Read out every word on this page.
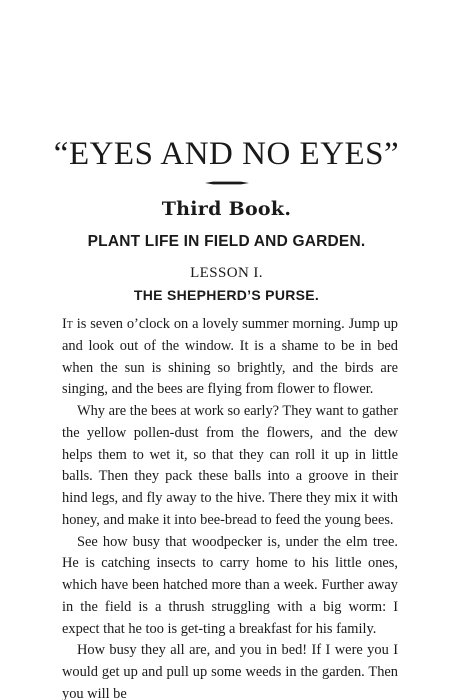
“EYES AND NO EYES”
Third Book.
PLANT LIFE IN FIELD AND GARDEN.
LESSON I.
THE SHEPHERD’S PURSE.

It is seven o’clock on a lovely summer morning. Jump up and look out of the window. It is a shame to be in bed when the sun is shining so brightly, and the birds are singing, and the bees are flying from flower to flower.

Why are the bees at work so early? They want to gather the yellow pollen-dust from the flowers, and the dew helps them to wet it, so that they can roll it up in little balls. Then they pack these balls into a groove in their hind legs, and fly away to the hive. There they mix it with honey, and make it into bee-bread to feed the young bees.

See how busy that woodpecker is, under the elm tree. He is catching insects to carry home to his little ones, which have been hatched more than a week. Further away in the field is a thrush struggling with a big worm: I expect that he too is get-ting a breakfast for his family.

How busy they all are, and you in bed! If I were you I would get up and pull up some weeds in the garden. Then you will be
